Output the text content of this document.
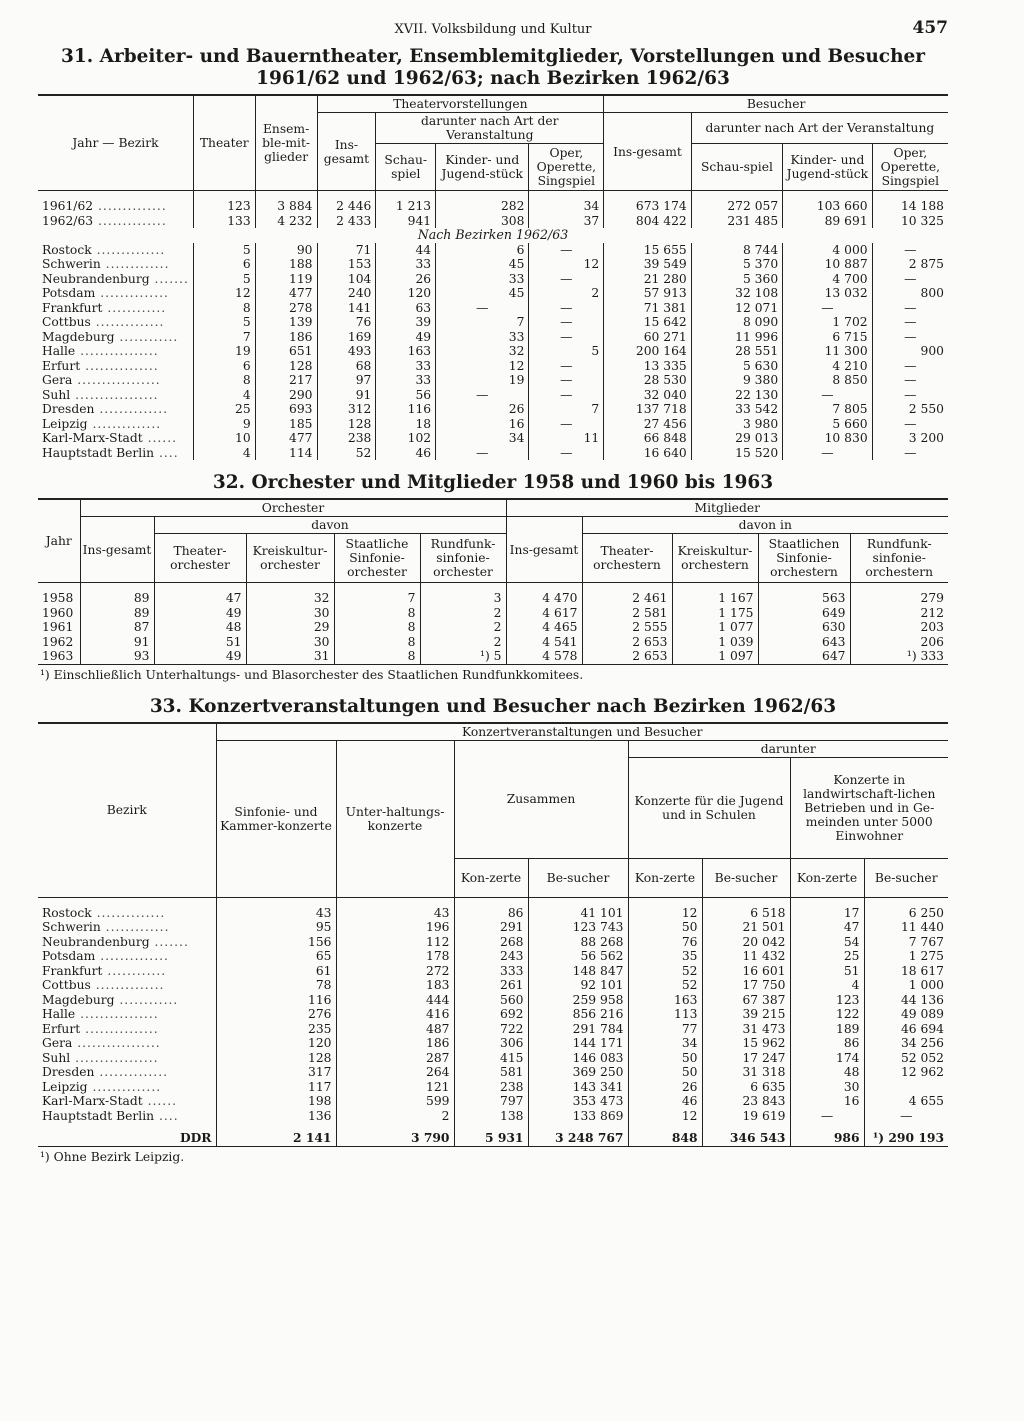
XVII. Volksbildung und Kultur	457
31. Arbeiter- und Bauerntheater, Ensemblemitglieder, Vorstellungen und Besucher
1961/62 und 1962/63; nach Bezirken 1962/63
Jahr — Bezirk	Theater	Ensem-ble-mit-glieder	Theatervorstellungen				Besucher			
			Ins-gesamt	darunter nach Art der Veranstaltung			Ins-gesamt	darunter nach Art der Veranstaltung		
				Schau-spiel	Kinder- und Jugend-stück	Oper, Operette, Singspiel		Schau-spiel	Kinder- und Jugend-stück	Oper, Operette, Singspiel

1961/62 ..............	123	3 884	2 446	1 213	282	34	673 174	272 057	103 660	14 188
1962/63 ..............	133	4 232	2 433	941	308	37	804 422	231 485	89 691	10 325
Nach Bezirken 1962/63										
Rostock ..............	5	90	71	44	6	—	15 655	8 744	4 000	—
Schwerin .............	6	188	153	33	45	12	39 549	5 370	10 887	2 875
Neubrandenburg .......	5	119	104	26	33	—	21 280	5 360	4 700	—
Potsdam ..............	12	477	240	120	45	2	57 913	32 108	13 032	800
Frankfurt ............	8	278	141	63	—	—	71 381	12 071	—	—
Cottbus ..............	5	139	76	39	7	—	15 642	8 090	1 702	—
Magdeburg ............	7	186	169	49	33	—	60 271	11 996	6 715	—
Halle ................	19	651	493	163	32	5	200 164	28 551	11 300	900
Erfurt ...............	6	128	68	33	12	—	13 335	5 630	4 210	—
Gera .................	8	217	97	33	19	—	28 530	9 380	8 850	—
Suhl .................	4	290	91	56	—	—	32 040	22 130	—	—
Dresden ..............	25	693	312	116	26	7	137 718	33 542	7 805	2 550
Leipzig ..............	9	185	128	18	16	—	27 456	3 980	5 660	—
Karl-Marx-Stadt ......	10	477	238	102	34	11	66 848	29 013	10 830	3 200
Hauptstadt Berlin ....	4	114	52	46	—	—	16 640	15 520	—	—
32. Orchester und Mitglieder 1958 und 1960 bis 1963
Jahr	Orchester					Mitglieder				
	Ins-gesamt	davon				Ins-gesamt	davon in			
		Theater-orchester	Kreiskultur-orchester	Staatliche Sinfonie-orchester	Rundfunk-sinfonie-orchester		Theater-orchestern	Kreiskultur-orchestern	Staatlichen Sinfonie-orchestern	Rundfunk-sinfonie-orchestern

1958	89	47	32	7	3	4 470	2 461	1 167	563	279
1960	89	49	30	8	2	4 617	2 581	1 175	649	212
1961	87	48	29	8	2	4 465	2 555	1 077	630	203
1962	91	51	30	8	2	4 541	2 653	1 039	643	206
1963	93	49	31	8	¹) 5	4 578	2 653	1 097	647	¹) 333
¹) Einschließlich Unterhaltungs- und Blasorchester des Staatlichen Rundfunkkomitees.
33. Konzertveranstaltungen und Besucher nach Bezirken 1962/63
Bezirk	Konzertveranstaltungen und Besucher							
	Sinfonie- und Kammer-konzerte	Unter-haltungs-konzerte	Zusammen		darunter			
					Konzerte für die Jugend und in Schulen		Konzerte in landwirtschaft-lichen Betrieben und in Ge-meinden unter 5000 Einwohner	
			Kon-zerte	Be-sucher	Kon-zerte	Be-sucher	Kon-zerte	Be-sucher

Rostock ..............	43	43	86	41 101	12	6 518	17	6 250
Schwerin .............	95	196	291	123 743	50	21 501	47	11 440
Neubrandenburg .......	156	112	268	88 268	76	20 042	54	7 767
Potsdam ..............	65	178	243	56 562	35	11 432	25	1 275
Frankfurt ............	61	272	333	148 847	52	16 601	51	18 617
Cottbus ..............	78	183	261	92 101	52	17 750	4	1 000
Magdeburg ............	116	444	560	259 958	163	67 387	123	44 136
Halle ................	276	416	692	856 216	113	39 215	122	49 089
Erfurt ...............	235	487	722	291 784	77	31 473	189	46 694
Gera .................	120	186	306	144 171	34	15 962	86	34 256
Suhl .................	128	287	415	146 083	50	17 247	174	52 052
Dresden ..............	317	264	581	369 250	50	31 318	48	12 962
Leipzig ..............	117	121	238	143 341	26	6 635	30	
Karl-Marx-Stadt ......	198	599	797	353 473	46	23 843	16	4 655
Hauptstadt Berlin ....	136	2	138	133 869	12	19 619	—	—

DDR	2 141	3 790	5 931	3 248 767	848	346 543	986	¹) 290 193
¹) Ohne Bezirk Leipzig.
